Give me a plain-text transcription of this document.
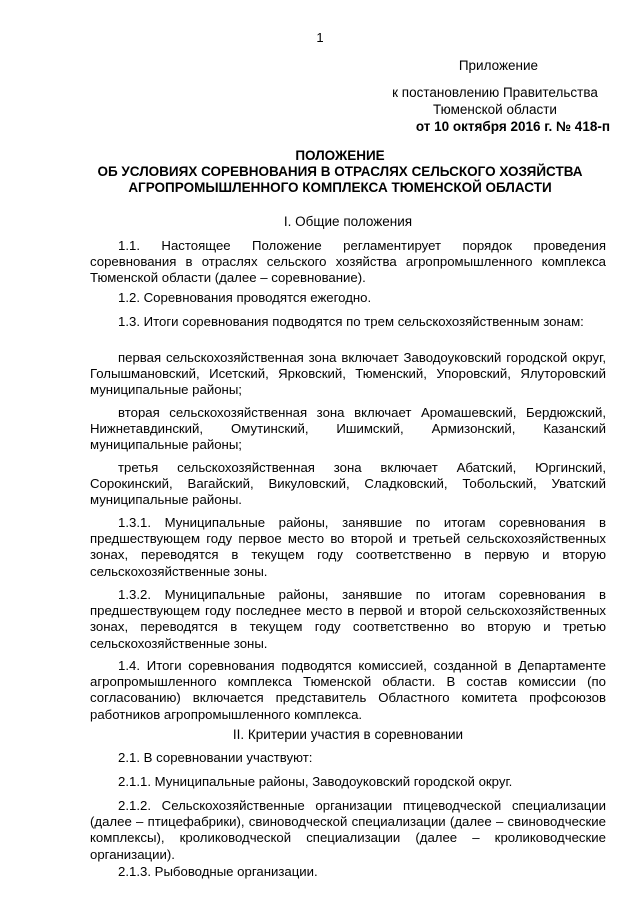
1
Приложение
к постановлению Правительства
Тюменской области
от 10 октября 2016 г. № 418-п
ПОЛОЖЕНИЕ
ОБ УСЛОВИЯХ СОРЕВНОВАНИЯ В ОТРАСЛЯХ СЕЛЬСКОГО ХОЗЯЙСТВА
АГРОПРОМЫШЛЕННОГО КОМПЛЕКСА ТЮМЕНСКОЙ ОБЛАСТИ
I. Общие положения
1.1. Настоящее Положение регламентирует порядок проведения соревнования в отраслях сельского хозяйства агропромышленного комплекса Тюменской области (далее – соревнование).
1.2. Соревнования проводятся ежегодно.
1.3. Итоги соревнования подводятся по трем сельскохозяйственным зонам:
первая сельскохозяйственная зона включает Заводоуковский городской округ, Голышмановский, Исетский, Ярковский, Тюменский, Упоровский, Ялуторовский муниципальные районы;
вторая сельскохозяйственная зона включает Аромашевский, Бердюжский, Нижнетавдинский, Омутинский, Ишимский, Армизонский, Казанский муниципальные районы;
третья сельскохозяйственная зона включает Абатский, Юргинский, Сорокинский, Вагайский, Викуловский, Сладковский, Тобольский, Уватский муниципальные районы.
1.3.1. Муниципальные районы, занявшие по итогам соревнования в предшествующем году первое место во второй и третьей сельскохозяйственных зонах, переводятся в текущем году соответственно в первую и вторую сельскохозяйственные зоны.
1.3.2. Муниципальные районы, занявшие по итогам соревнования в предшествующем году последнее место в первой и второй сельскохозяйственных зонах, переводятся в текущем году соответственно во вторую и третью сельскохозяйственные зоны.
1.4. Итоги соревнования подводятся комиссией, созданной в Департаменте агропромышленного комплекса Тюменской области. В состав комиссии (по согласованию) включается представитель Областного комитета профсоюзов работников агропромышленного комплекса.
II. Критерии участия в соревновании
2.1. В соревновании участвуют:
2.1.1. Муниципальные районы, Заводоуковский городской округ.
2.1.2. Сельскохозяйственные организации птицеводческой специализации (далее – птицефабрики), свиноводческой специализации (далее – свиноводческие комплексы), кролиководческой специализации (далее – кролиководческие организации).
2.1.3. Рыбоводные организации.
